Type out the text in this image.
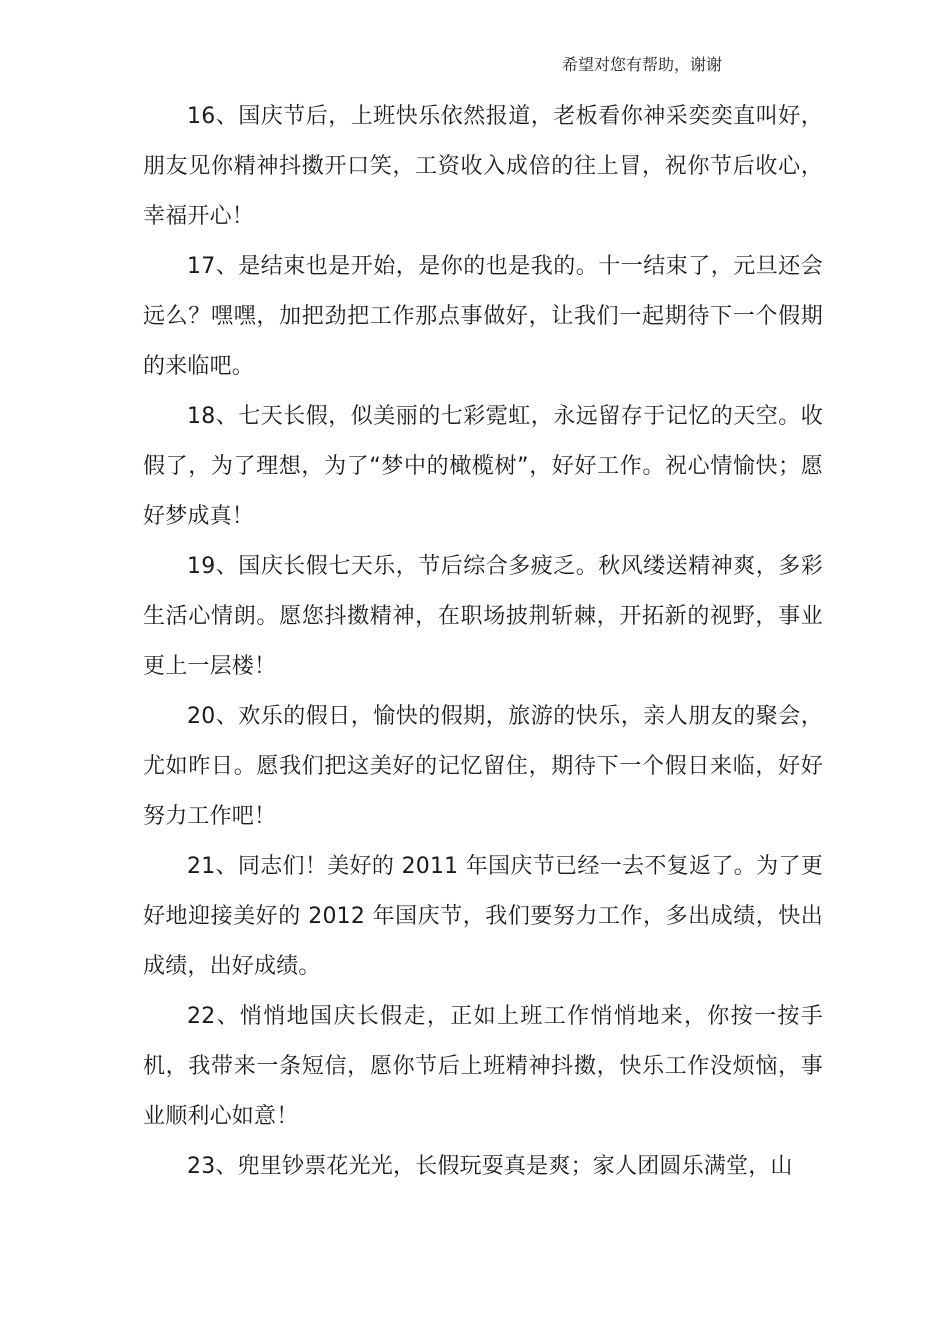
希望对您有帮助，谢谢

16、国庆节后，上班快乐依然报道，老板看你神采奕奕直叫好，朋友见你精神抖擞开口笑，工资收入成倍的往上冒，祝你节后收心，幸福开心！

17、是结束也是开始，是你的也是我的。十一结束了，元旦还会远么？嘿嘿，加把劲把工作那点事做好，让我们一起期待下一个假期的来临吧。

18、七天长假，似美丽的七彩霓虹，永远留存于记忆的天空。收假了，为了理想，为了“梦中的橄榄树”，好好工作。祝心情愉快；愿好梦成真！

19、国庆长假七天乐，节后综合多疲乏。秋风缕送精神爽，多彩生活心情朗。愿您抖擞精神，在职场披荆斩棘，开拓新的视野，事业更上一层楼！

20、欢乐的假日，愉快的假期，旅游的快乐，亲人朋友的聚会，尤如昨日。愿我们把这美好的记忆留住，期待下一个假日来临，好好努力工作吧！

21、同志们！美好的 2011 年国庆节已经一去不复返了。为了更好地迎接美好的 2012 年国庆节，我们要努力工作，多出成绩，快出成绩，出好成绩。

22、悄悄地国庆长假走，正如上班工作悄悄地来，你按一按手机，我带来一条短信，愿你节后上班精神抖擞，快乐工作没烦恼，事业顺利心如意！

23、兜里钞票花光光，长假玩耍真是爽；家人团圆乐满堂，山
